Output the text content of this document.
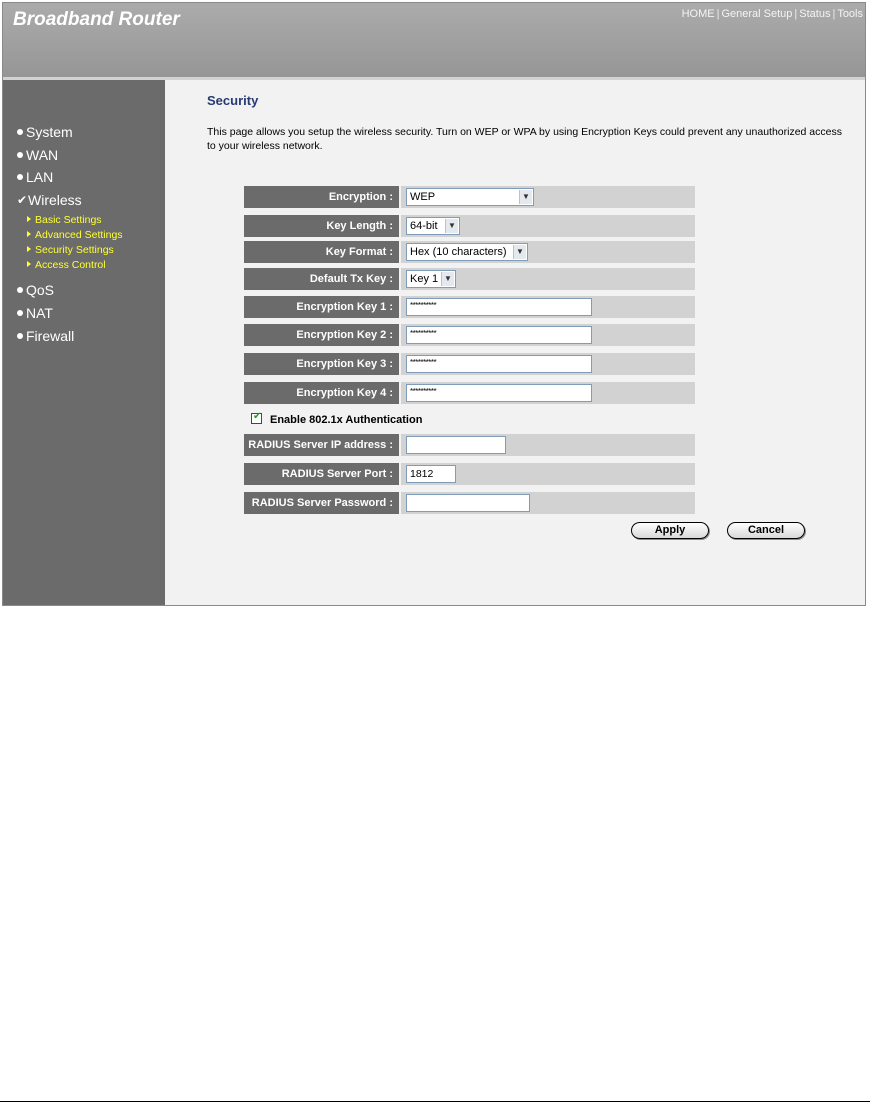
Broadband Router	HOME | General Setup | Status | Tools
System
WAN
LAN
✔Wireless
Basic Settings
Advanced Settings
Security Settings
Access Control
QoS
NAT
Firewall
Security
This page allows you setup the wireless security. Turn on WEP or WPA by using Encryption Keys could prevent any unauthorized access to your wireless network.
Encryption :	WEP	▼
Key Length :	64-bit	▼
Key Format :	Hex (10 characters)	▼
Default Tx Key :	Key 1 ▼
Encryption Key 1 :	**********
Encryption Key 2 :	**********
Encryption Key 3 :	**********
Encryption Key 4 :	**********
✔ Enable 802.1x Authentication
RADIUS Server IP address :
RADIUS Server Port :	1812
RADIUS Server Password :
Apply	Cancel
